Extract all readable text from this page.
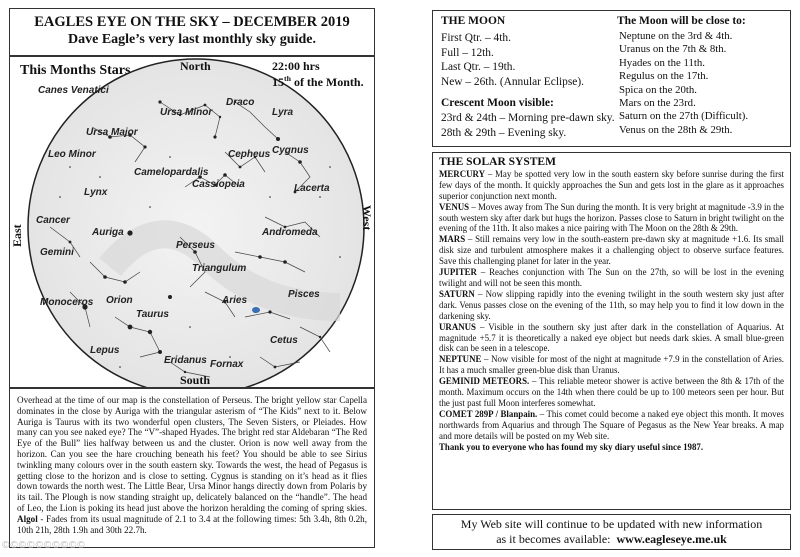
EAGLES EYE ON THE SKY – DECEMBER 2019
Dave Eagle’s very last monthly sky guide.
This Months Stars	North	22:00 hrs
15th of the Month.
South
East
West
Canes Venatici
Ursa Minor
Draco
Lyra
Ursa Major
Leo Minor	Cepheus Cygnus
Camelopardalis
Cassiopeia	Lacerta
Lynx
Cancer
Auriga	Andromeda
Perseus
Gemini
Triangulum
Pisces
Aries
Monoceros Orion
Taurus
Cetus
Lepus
Eridanus Fornax
Overhead at the time of our map is the constellation of Perseus. The bright yellow star Capella dominates in the close by Auriga with the triangular asterism of “The Kids” next to it. Below Auriga is Taurus with its two wonderful open clusters, The Seven Sisters, or Pleiades. How many can you see naked eye? The “V”-shaped Hyades. The bright red star Aldebaran “The Red Eye of the Bull” lies halfway between us and the cluster. Orion is now well away from the horizon. Can you see the hare crouching beneath his feet? You should be able to see Sirius twinkling many colours over in the south eastern sky. Towards the west, the head of Pegasus is getting close to the horizon and is close to setting. Cygnus is standing on it’s head as it flies down towards the north west. The Little Bear, Ursa Minor hangs directly down from Polaris by its tail. The Plough is now standing straight up, delicately balanced on the “handle”. The head of Leo, the Lion is poking its head just above the horizon heralding the coming of spring skies. Algol - Fades from its usual magnitude of 2.1 to 3.4 at the following times: 5th 3.4h, 8th 0.2h, 10th 21h, 28th 1.9h and 30th 22.7h.
THE MOON
First Qtr. – 4th.
Full – 12th.
Last Qtr. – 19th.
New – 26th. (Annular Eclipse).
Crescent Moon visible:
23rd & 24th – Morning pre-dawn sky.
28th & 29th – Evening sky.
The Moon will be close to:
Neptune on the 3rd & 4th.
Uranus on the 7th & 8th.
Hyades on the 11th.
Regulus on the 17th.
Spica on the 20th.
Mars on the 23rd.
Saturn on the 27th (Difficult).
Venus on the 28th & 29th.
THE SOLAR SYSTEM

MERCURY – May be spotted very low in the south eastern sky before sunrise during the first few days of the month. It quickly approaches the Sun and gets lost in the glare as it approaches superior conjunction next month.

VENUS – Moves away from The Sun during the month. It is very bright at magnitude -3.9 in the south western sky after dark but hugs the horizon. Passes close to Saturn in bright twilight on the evening of the 11th. It also makes a nice pairing with The Moon on the 28th & 29th.

MARS – Still remains very low in the south-eastern pre-dawn sky at magnitude +1.6. Its small disk size and turbulent atmosphere makes it a challenging object to observe surface features. Save this challenging planet for later in the year.

JUPITER – Reaches conjunction with The Sun on the 27th, so will be lost in the evening twilight and will not be seen this month.

SATURN – Now slipping rapidly into the evening twilight in the south western sky just after dark. Venus passes close on the evening of the 11th, so may help you to find it low down in the darkening sky.

URANUS – Visible in the southern sky just after dark in the constellation of Aquarius. At magnitude +5.7 it is theoretically a naked eye object but needs dark skies. A small blue-green disk can be seen in a telescope.

NEPTUNE – Now visible for most of the night at magnitude +7.9 in the constellation of Aries. It has a much smaller green-blue disk than Uranus.

GEMINID METEORS. – This reliable meteor shower is active between the 8th & 17th of the month. Maximum occurs on the 14th when there could be up to 100 meteors seen per hour. But the just past full Moon interferes somewhat.

COMET 289P / Blanpain. – This comet could become a naked eye object this month. It moves northwards from Aquarius and through The Square of Pegasus as the New Year breaks. A map and more details will be posted on my Web site.

Thank you to everyone who has found my sky diary useful since 1987.

My Web site will continue to be updated with new information
as it becomes available: www.eagleseye.me.uk
©©©©©©©©©©
